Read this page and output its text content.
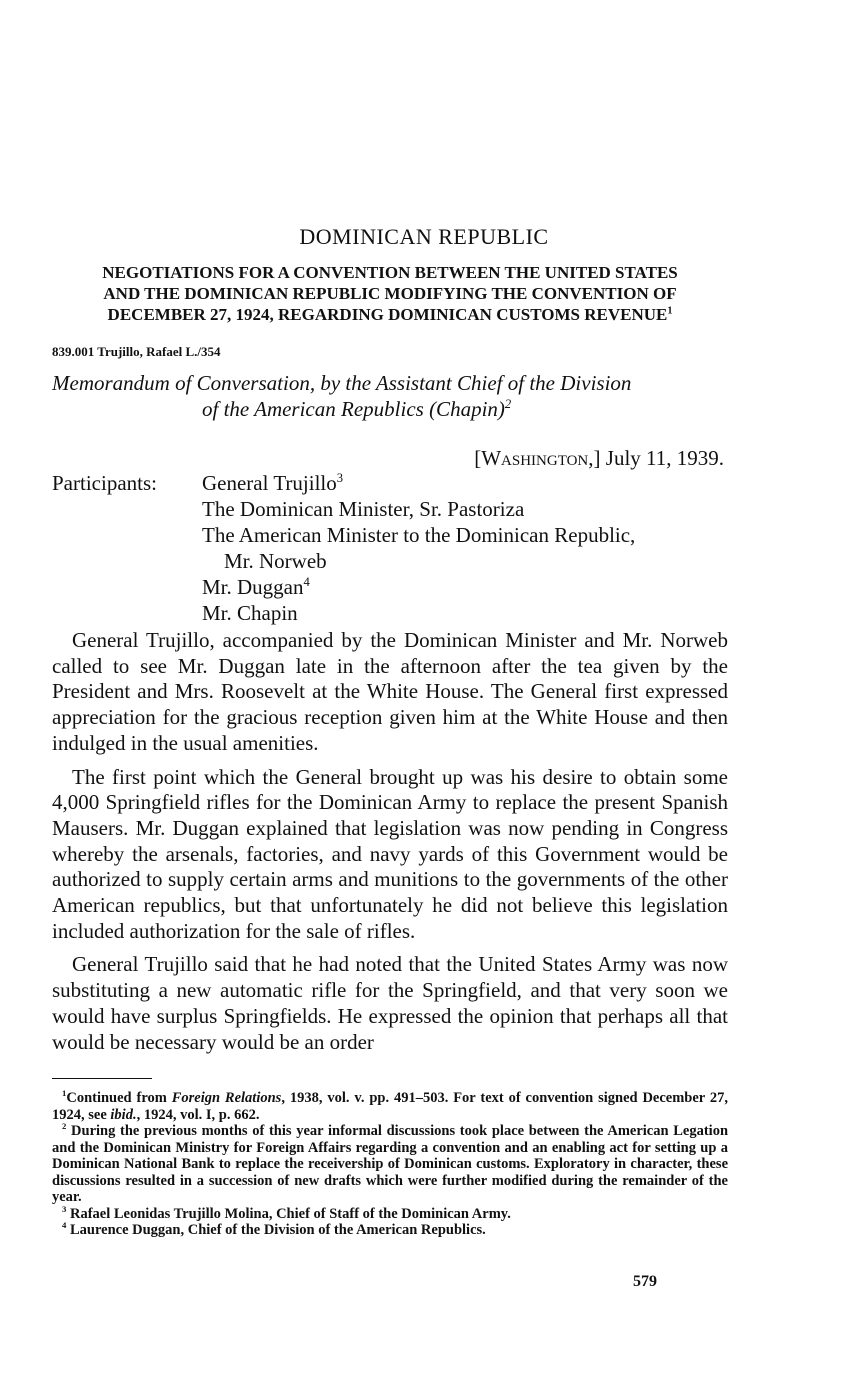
DOMINICAN REPUBLIC
NEGOTIATIONS FOR A CONVENTION BETWEEN THE UNITED STATES
AND THE DOMINICAN REPUBLIC MODIFYING THE CONVENTION OF
DECEMBER 27, 1924, REGARDING DOMINICAN CUSTOMS REVENUE$^1$
839.001 Trujillo, Rafael L./354
Memorandum of Conversation, by the Assistant Chief of the Division
of the American Republics (Chapin)$^2$
[Washington,] July 11, 1939.
Participants: General Trujillo$^3$
The Dominican Minister, Sr. Pastoriza
The American Minister to the Dominican Republic,
Mr. Norweb
Mr. Duggan$^4$
Mr. Chapin

General Trujillo, accompanied by the Dominican Minister and Mr. Norweb called to see Mr. Duggan late in the afternoon after the tea given by the President and Mrs. Roosevelt at the White House. The General first expressed appreciation for the gracious reception given him at the White House and then indulged in the usual amenities.

The first point which the General brought up was his desire to obtain some 4,000 Springfield rifles for the Dominican Army to replace the present Spanish Mausers. Mr. Duggan explained that legislation was now pending in Congress whereby the arsenals, factories, and navy yards of this Government would be authorized to supply certain arms and munitions to the governments of the other American republics, but that unfortunately he did not believe this legislation included authorization for the sale of rifles.

General Trujillo said that he had noted that the United States Army was now substituting a new automatic rifle for the Springfield, and that very soon we would have surplus Springfields. He expressed the opinion that perhaps all that would be necessary would be an order

$^1$Continued from Foreign Relations, 1938, vol. v. pp. 491–503. For text of convention signed December 27, 1924, see ibid., 1924, vol. I, p. 662.

$^2$ During the previous months of this year informal discussions took place between the American Legation and the Dominican Ministry for Foreign Affairs regarding a convention and an enabling act for setting up a Dominican National Bank to replace the receivership of Dominican customs. Exploratory in character, these discussions resulted in a succession of new drafts which were further modified during the remainder of the year.

$^3$ Rafael Leonidas Trujillo Molina, Chief of Staff of the Dominican Army.

$^4$ Laurence Duggan, Chief of the Division of the American Republics.

579
